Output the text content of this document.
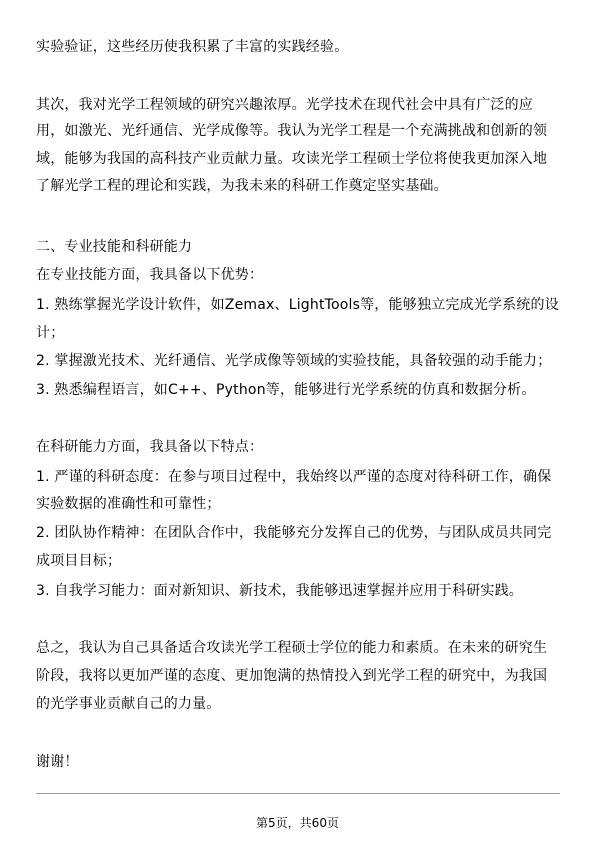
实验验证，这些经历使我积累了丰富的实践经验。
其次，我对光学工程领域的研究兴趣浓厚。光学技术在现代社会中具有广泛的应
用，如激光、光纤通信、光学成像等。我认为光学工程是一个充满挑战和创新的领
域，能够为我国的高科技产业贡献力量。攻读光学工程硕士学位将使我更加深入地
了解光学工程的理论和实践，为我未来的科研工作奠定坚实基础。
二、专业技能和科研能力
在专业技能方面，我具备以下优势：
1. 熟练掌握光学设计软件，如Zemax、LightTools等，能够独立完成光学系统的设
计；
2. 掌握激光技术、光纤通信、光学成像等领域的实验技能，具备较强的动手能力；
3. 熟悉编程语言，如C++、Python等，能够进行光学系统的仿真和数据分析。
在科研能力方面，我具备以下特点：
1. 严谨的科研态度：在参与项目过程中，我始终以严谨的态度对待科研工作，确保
实验数据的准确性和可靠性；
2. 团队协作精神：在团队合作中，我能够充分发挥自己的优势，与团队成员共同完
成项目目标；
3. 自我学习能力：面对新知识、新技术，我能够迅速掌握并应用于科研实践。
总之，我认为自己具备适合攻读光学工程硕士学位的能力和素质。在未来的研究生
阶段，我将以更加严谨的态度、更加饱满的热情投入到光学工程的研究中，为我国
的光学事业贡献自己的力量。
谢谢！
第5页，共60页
